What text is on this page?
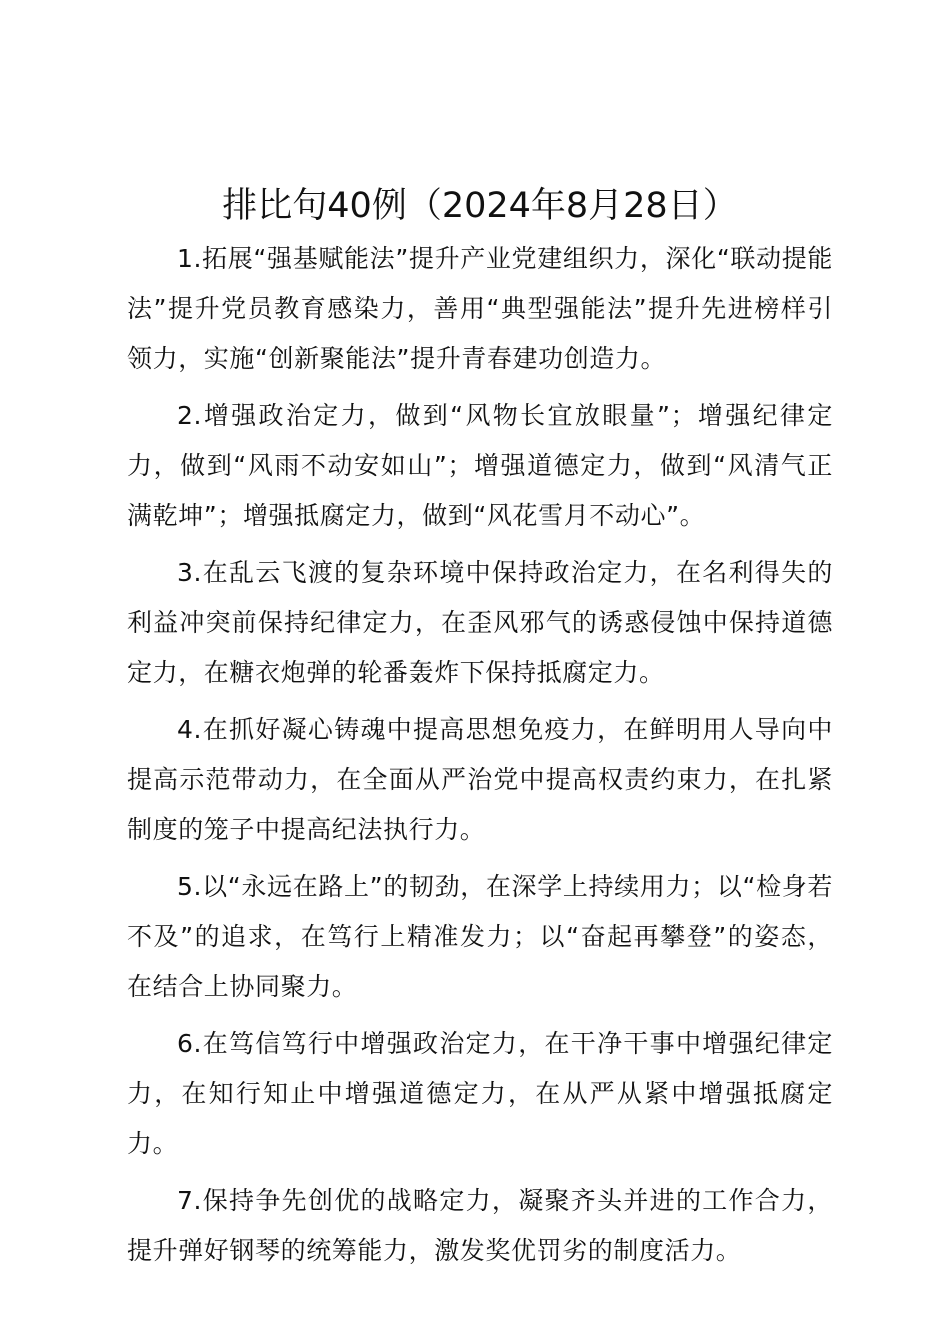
排比句40例（2024年8月28日）

1.拓展“强基赋能法”提升产业党建组织力，深化“联动提能法”提升党员教育感染力，善用“典型强能法”提升先进榜样引领力，实施“创新聚能法”提升青春建功创造力。

2.增强政治定力，做到“风物长宜放眼量”；增强纪律定力，做到“风雨不动安如山”；增强道德定力，做到“风清气正满乾坤”；增强抵腐定力，做到“风花雪月不动心”。

3.在乱云飞渡的复杂环境中保持政治定力，在名利得失的利益冲突前保持纪律定力，在歪风邪气的诱惑侵蚀中保持道德定力，在糖衣炮弹的轮番轰炸下保持抵腐定力。

4.在抓好凝心铸魂中提高思想免疫力，在鲜明用人导向中提高示范带动力，在全面从严治党中提高权责约束力，在扎紧制度的笼子中提高纪法执行力。

5.以“永远在路上”的韧劲，在深学上持续用力；以“检身若不及”的追求，在笃行上精准发力；以“奋起再攀登”的姿态，在结合上协同聚力。

6.在笃信笃行中增强政治定力，在干净干事中增强纪律定力，在知行知止中增强道德定力，在从严从紧中增强抵腐定力。

7.保持争先创优的战略定力，凝聚齐头并进的工作合力，提升弹好钢琴的统筹能力，激发奖优罚劣的制度活力。
